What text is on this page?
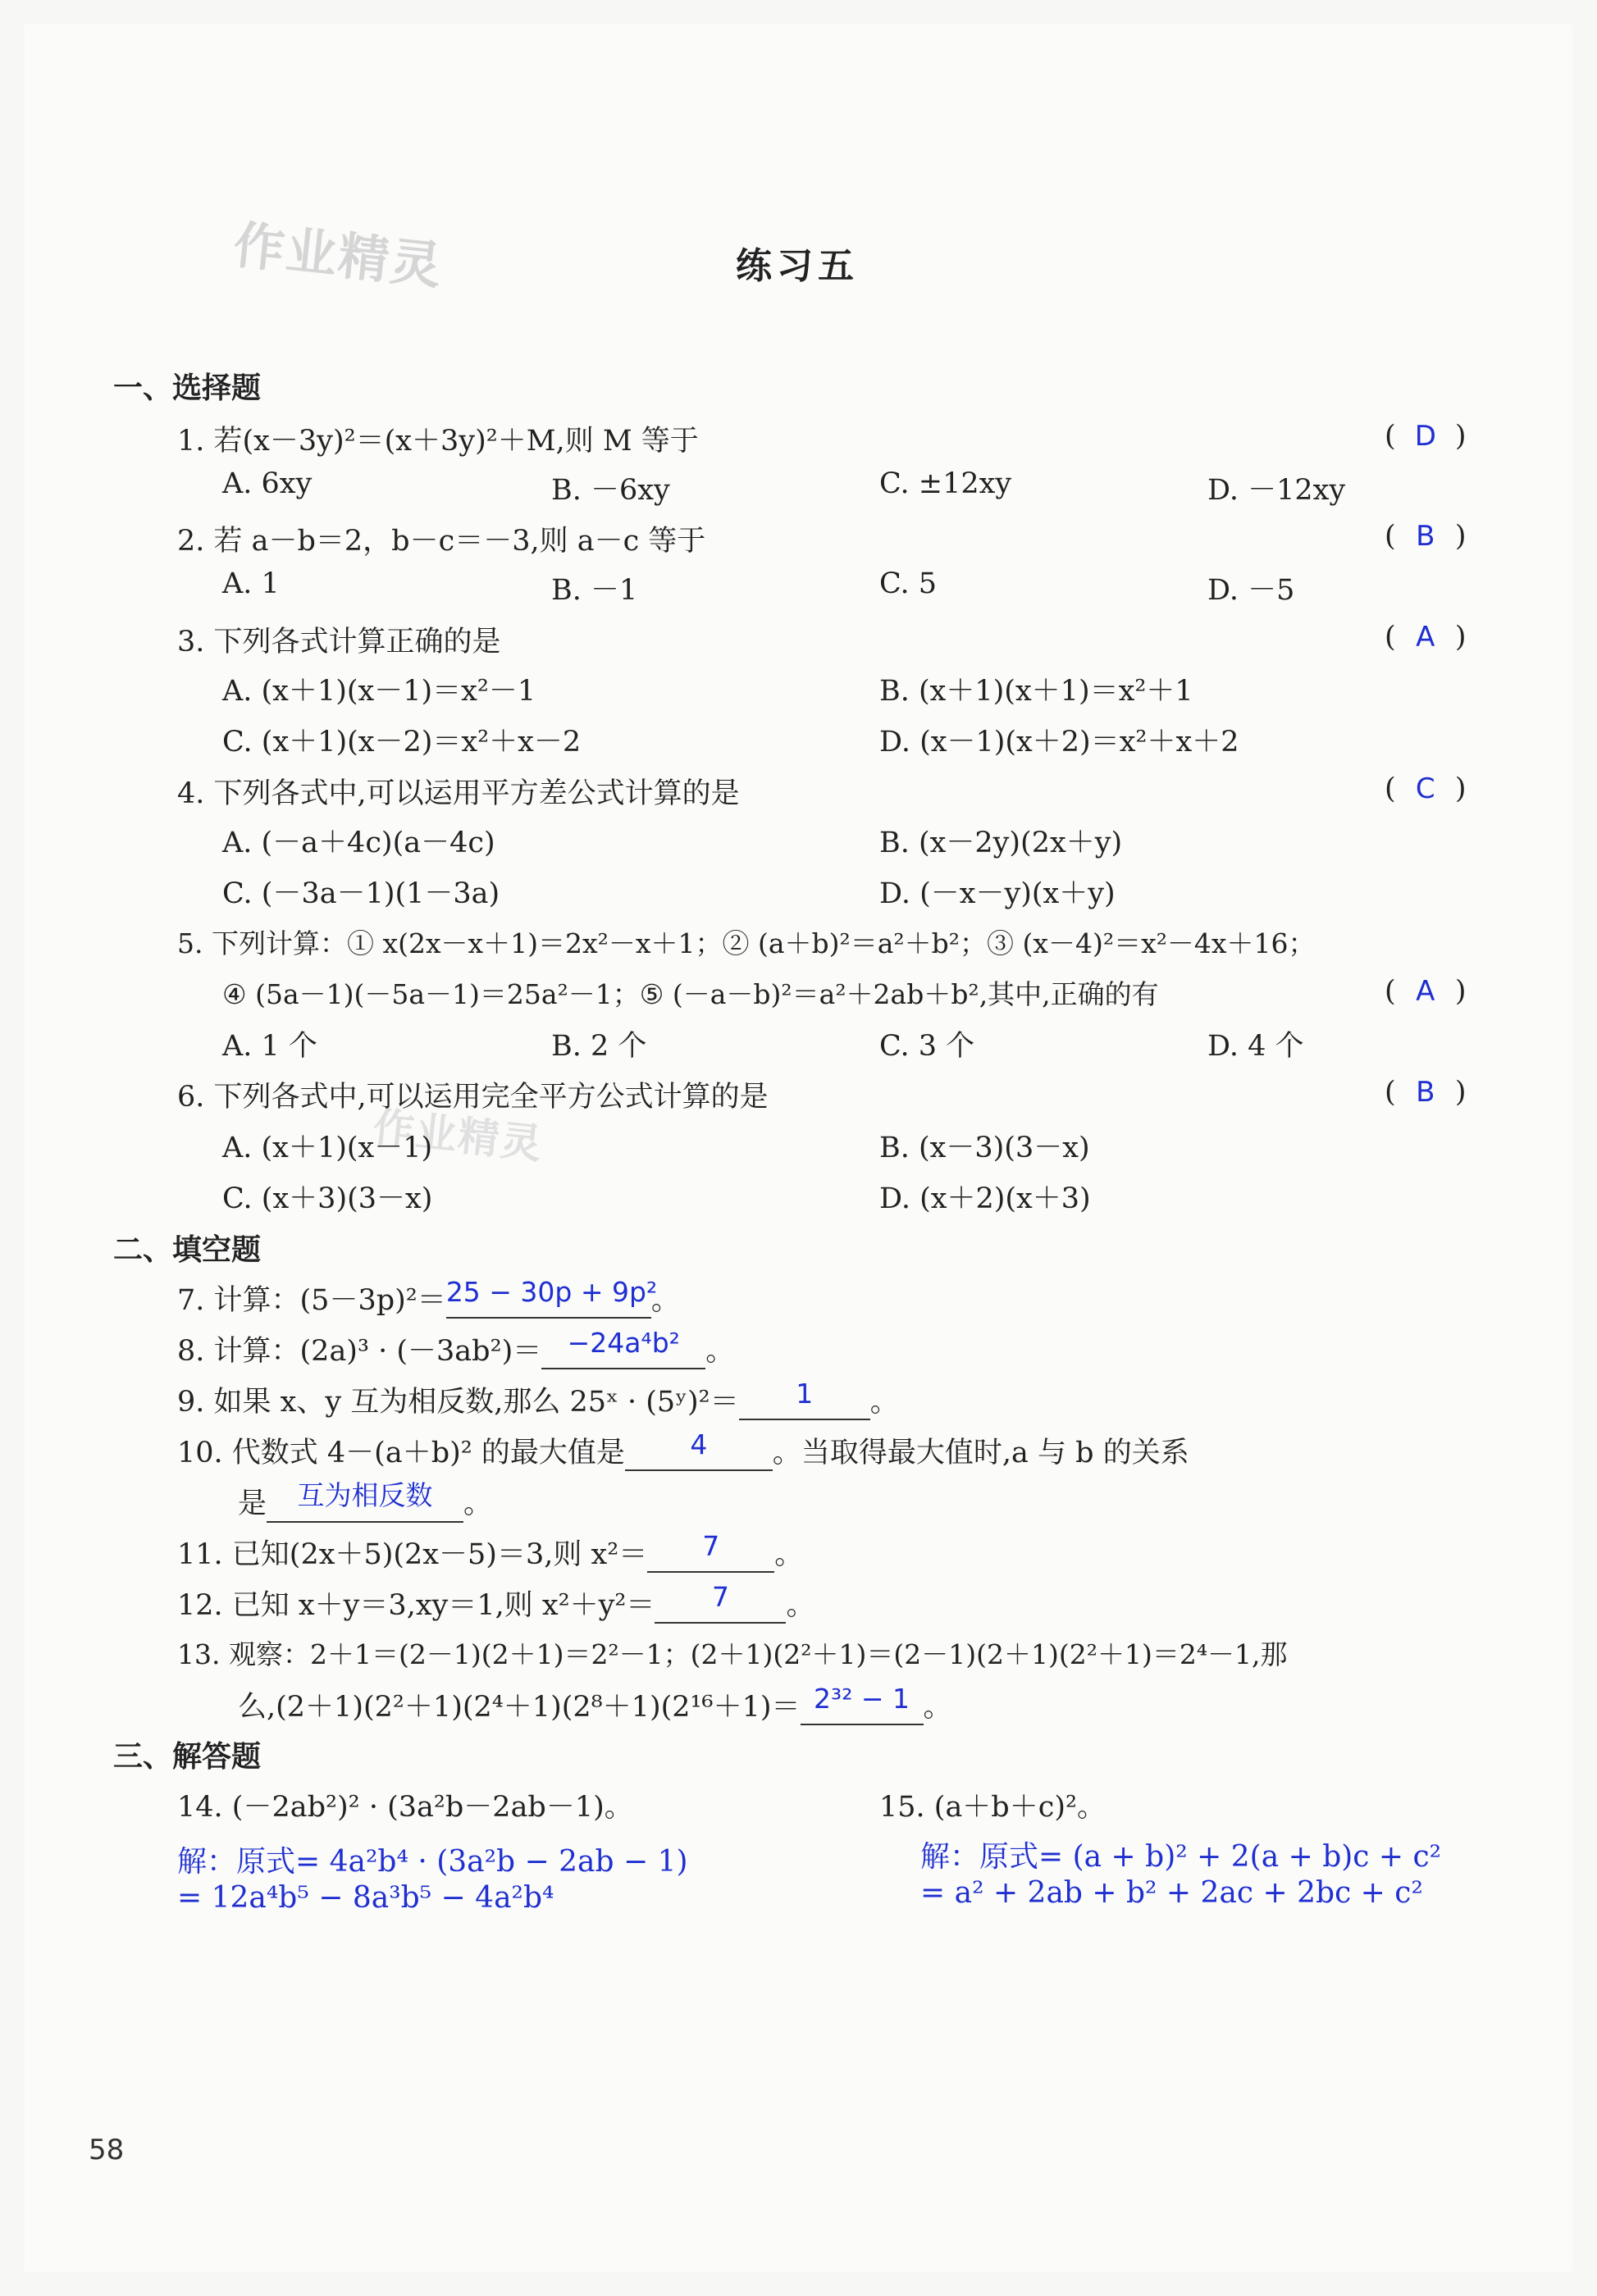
作业精灵
作业精灵
练习五
一、选择题
1. 若(x－3y)²＝(x＋3y)²＋M,则 M 等于	( D )
A. 6xy	B. －6xy	C. ±12xy	D. －12xy
2. 若 a－b＝2，b－c＝－3,则 a－c 等于	( B )
A. 1	B. －1	C. 5	D. －5
3. 下列各式计算正确的是	( A )
A. (x＋1)(x－1)＝x²－1	B. (x＋1)(x＋1)＝x²＋1
C. (x＋1)(x－2)＝x²＋x－2	D. (x－1)(x＋2)＝x²＋x＋2
4. 下列各式中,可以运用平方差公式计算的是	( C )
A. (－a＋4c)(a－4c)	B. (x－2y)(2x＋y)
C. (－3a－1)(1－3a)	D. (－x－y)(x＋y)
5. 下列计算：① x(2x－x＋1)＝2x²－x＋1；② (a＋b)²＝a²＋b²；③ (x－4)²＝x²－4x＋16；
④ (5a－1)(－5a－1)＝25a²－1；⑤ (－a－b)²＝a²＋2ab＋b²,其中,正确的有	( A )
A. 1 个	B. 2 个	C. 3 个	D. 4 个
6. 下列各式中,可以运用完全平方公式计算的是	( B )
A. (x＋1)(x－1)	B. (x－3)(3－x)
C. (x＋3)(3－x)	D. (x＋2)(x＋3)
二、填空题
7. 计算：(5－3p)²＝25 − 30p + 9p²。
8. 计算：(2a)³ · (－3ab²)＝ −24a⁴b² 。
9. 如果 x、y 互为相反数,那么 25ˣ · (5ʸ)²＝ 1 。
10. 代数式 4－(a＋b)² 的最大值是 4 。当取得最大值时,a 与 b 的关系
是 互为相反数 。
11. 已知(2x＋5)(2x－5)＝3,则 x²＝ 7 。
12. 已知 x＋y＝3,xy＝1,则 x²＋y²＝ 7 。
13. 观察：2＋1＝(2－1)(2＋1)＝2²－1；(2＋1)(2²＋1)＝(2－1)(2＋1)(2²＋1)＝2⁴－1,那
么,(2＋1)(2²＋1)(2⁴＋1)(2⁸＋1)(2¹⁶＋1)＝ 2³² − 1 。
三、解答题
14. (－2ab²)² · (3a²b－2ab－1)。
解：原式= 4a²b⁴ · (3a²b − 2ab − 1)
= 12a⁴b⁵ − 8a³b⁵ − 4a²b⁴
15. (a＋b＋c)²。
解：原式= (a + b)² + 2(a + b)c + c²
= a² + 2ab + b² + 2ac + 2bc + c²
58
